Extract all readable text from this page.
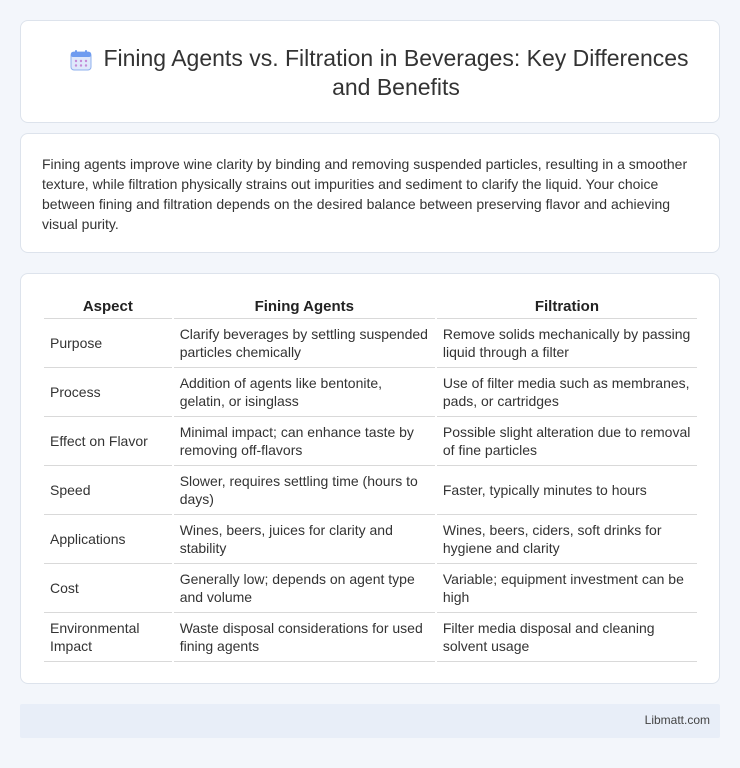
Fining Agents vs. Filtration in Beverages: Key Differences and Benefits

Fining agents improve wine clarity by binding and removing suspended particles, resulting in a smoother texture, while filtration physically strains out impurities and sediment to clarify the liquid. Your choice between fining and filtration depends on the desired balance between preserving flavor and achieving visual purity.

Aspect	Fining Agents	Filtration
Purpose	Clarify beverages by settling suspended particles chemically	Remove solids mechanically by passing liquid through a filter
Process	Addition of agents like bentonite, gelatin, or isinglass	Use of filter media such as membranes, pads, or cartridges
Effect on Flavor	Minimal impact; can enhance taste by removing off-flavors	Possible slight alteration due to removal of fine particles
Speed	Slower, requires settling time (hours to days)	Faster, typically minutes to hours
Applications	Wines, beers, juices for clarity and stability	Wines, beers, ciders, soft drinks for hygiene and clarity
Cost	Generally low; depends on agent type and volume	Variable; equipment investment can be high
Environmental Impact	Waste disposal considerations for used fining agents	Filter media disposal and cleaning solvent usage
Libmatt.com
